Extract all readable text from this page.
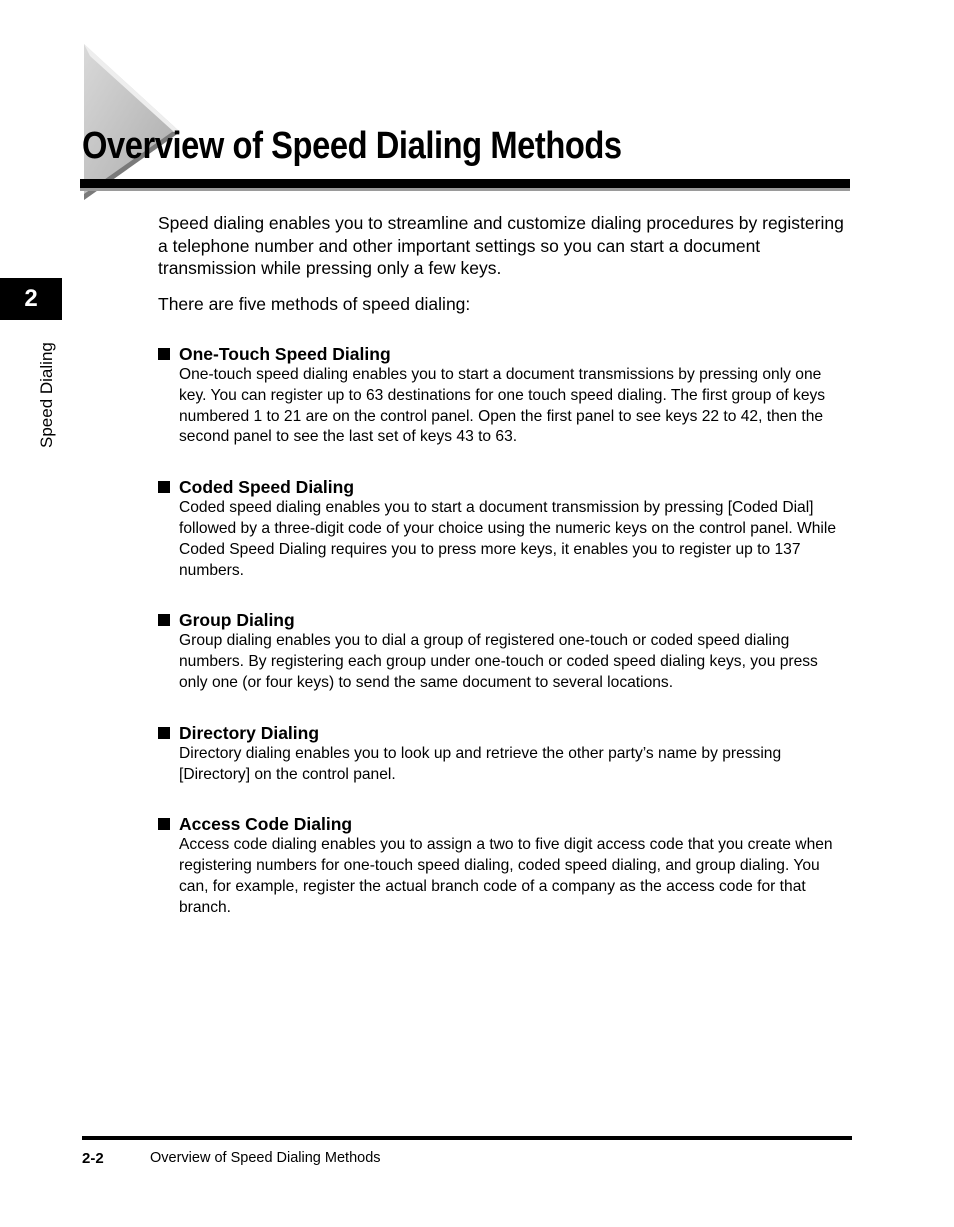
Overview of Speed Dialing Methods
2
Speed Dialing

Speed dialing enables you to streamline and customize dialing procedures by registering a telephone number and other important settings so you can start a document transmission while pressing only a few keys.

There are five methods of speed dialing:

One-Touch Speed Dialing

One-touch speed dialing enables you to start a document transmissions by pressing only one key. You can register up to 63 destinations for one touch speed dialing. The first group of keys numbered 1 to 21 are on the control panel. Open the first panel to see keys 22 to 42, then the second panel to see the last set of keys 43 to 63.

Coded Speed Dialing

Coded speed dialing enables you to start a document transmission by pressing [Coded Dial] followed by a three-digit code of your choice using the numeric keys on the control panel. While Coded Speed Dialing requires you to press more keys, it enables you to register up to 137 numbers.

Group Dialing

Group dialing enables you to dial a group of registered one-touch or coded speed dialing numbers. By registering each group under one-touch or coded speed dialing keys, you press only one (or four keys) to send the same document to several locations.

Directory Dialing

Directory dialing enables you to look up and retrieve the other party’s name by pressing [Directory] on the control panel.

Access Code Dialing

Access code dialing enables you to assign a two to five digit access code that you create when registering numbers for one-touch speed dialing, coded speed dialing, and group dialing. You can, for example, register the actual branch code of a company as the access code for that branch.

2-2	Overview of Speed Dialing Methods
